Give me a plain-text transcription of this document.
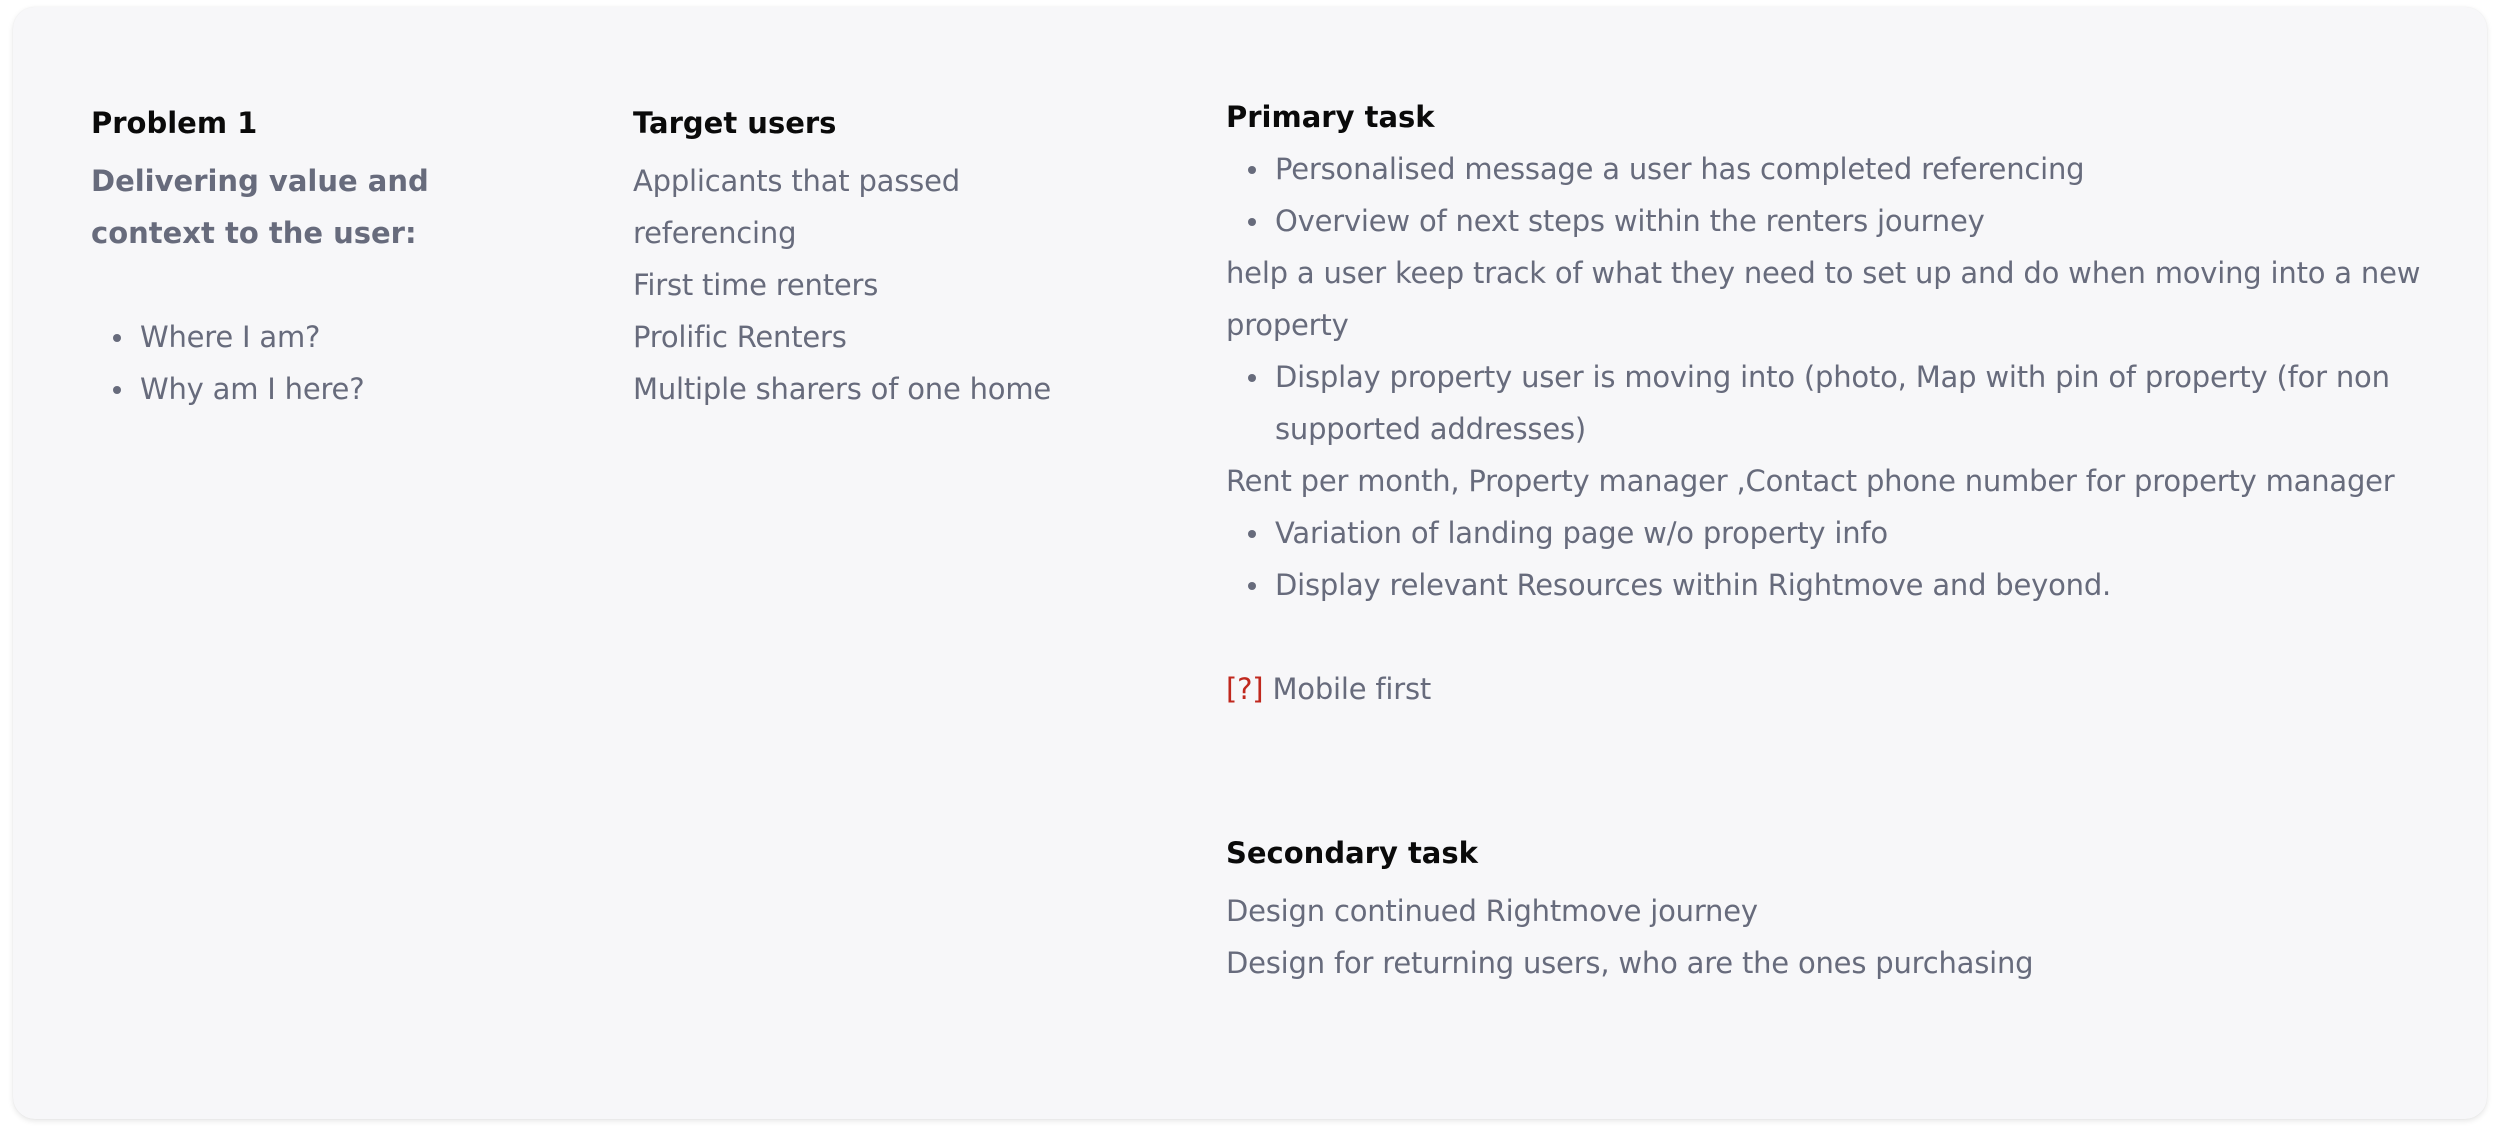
Problem 1
Delivering value and
context to the user:
Where I am?
Why am I here?
Target users
Applicants that passed
referencing
First time renters
Prolific Renters
Multiple sharers of one home
Primary task
Personalised message a user has completed referencing
Overview of next steps within the renters journey
help a user keep track of what they need to set up and do when moving into a new
property
Display property user is moving into (photo, Map with pin of property (for non
supported addresses)
Rent per month, Property manager ,Contact phone number for property manager
Variation of landing page w/o property info
Display relevant Resources within Rightmove and beyond.
[?] Mobile first
Secondary task
Design continued Rightmove journey
Design for returning users, who are the ones purchasing
